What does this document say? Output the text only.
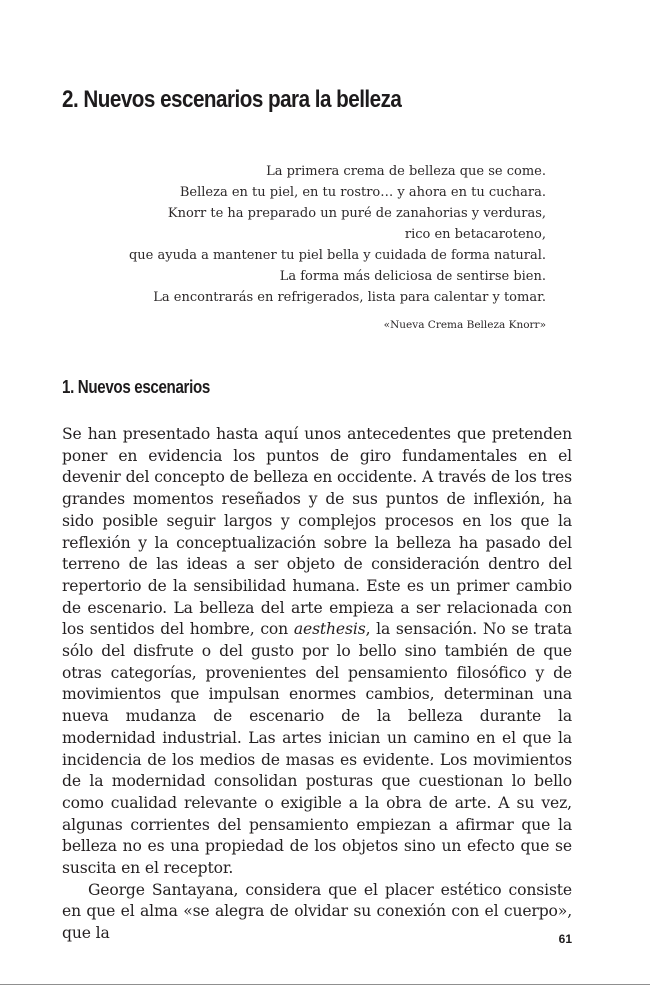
2. Nuevos escenarios para la belleza
La primera crema de belleza que se come.
Belleza en tu piel, en tu rostro… y ahora en tu cuchara.
Knorr te ha preparado un puré de zanahorias y verduras,
rico en betacaroteno,
que ayuda a mantener tu piel bella y cuidada de forma natural.
La forma más deliciosa de sentirse bien.
La encontrarás en refrigerados, lista para calentar y tomar.
«Nueva Crema Belleza Knorr»
1. Nuevos escenarios

Se han presentado hasta aquí unos antecedentes que pretenden poner en evidencia los puntos de giro fundamentales en el devenir del concepto de belleza en occidente. A través de los tres grandes momentos reseñados y de sus puntos de inflexión, ha sido posible seguir largos y complejos procesos en los que la reflexión y la conceptualización sobre la belleza ha pasado del terreno de las ideas a ser objeto de consideración dentro del repertorio de la sensibilidad humana. Este es un primer cambio de escenario. La belleza del arte empieza a ser relacionada con los sentidos del hombre, con aesthesis, la sensación. No se trata sólo del disfrute o del gusto por lo bello sino también de que otras categorías, provenientes del pensamiento filosófico y de movimientos que impulsan enormes cambios, determinan una nueva mudanza de escenario de la belleza durante la modernidad industrial. Las artes inician un camino en el que la incidencia de los medios de masas es evidente. Los movimientos de la modernidad consolidan posturas que cuestionan lo bello como cualidad relevante o exigible a la obra de arte. A su vez, algunas corrientes del pensamiento empiezan a afirmar que la belleza no es una propiedad de los objetos sino un efecto que se suscita en el receptor.

George Santayana, considera que el placer estético consiste en que el alma «se alegra de olvidar su conexión con el cuerpo», que la	61
